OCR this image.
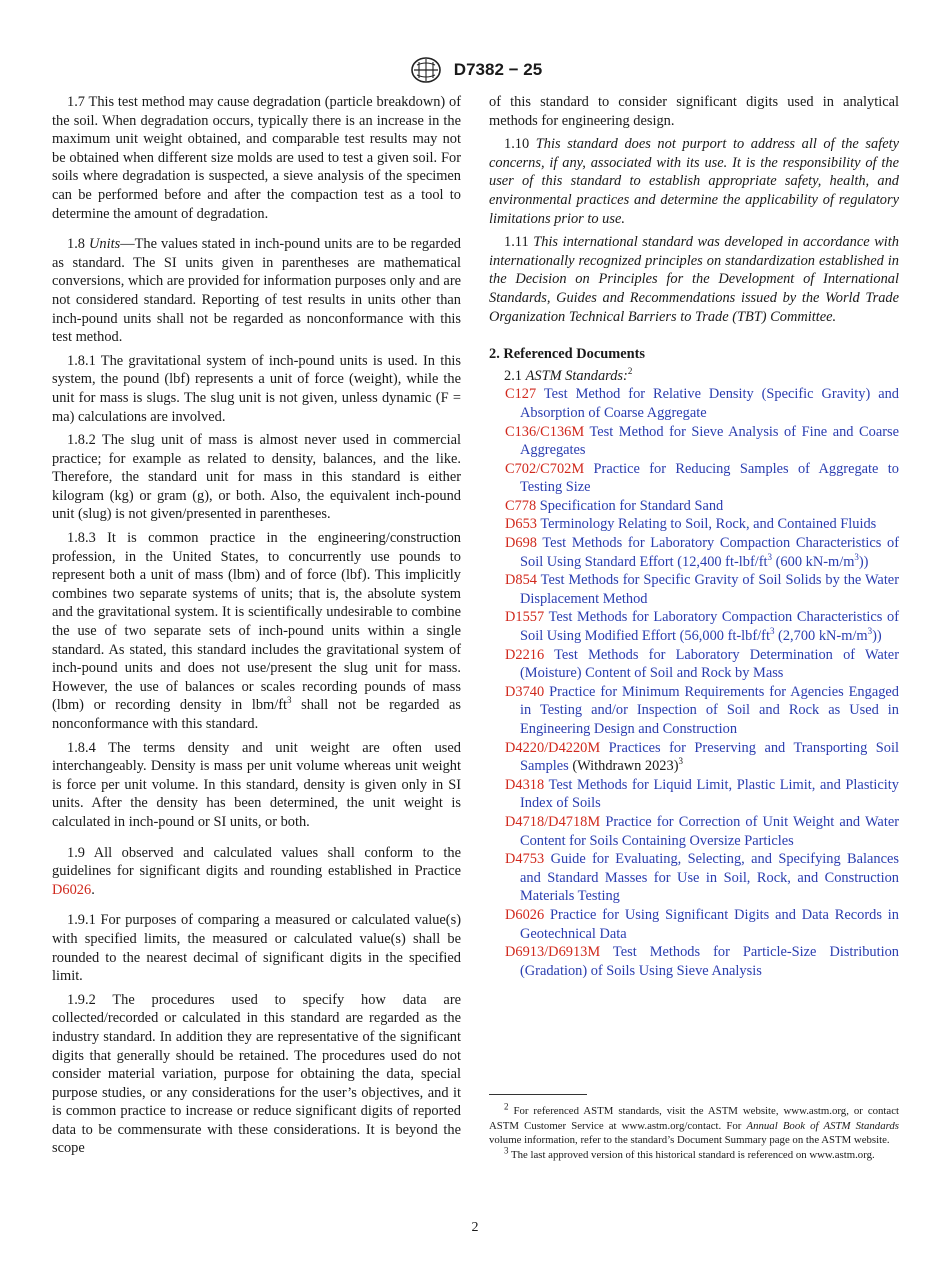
D7382 − 25

1.7 This test method may cause degradation (particle breakdown) of the soil. When degradation occurs, typically there is an increase in the maximum unit weight obtained, and comparable test results may not be obtained when different size molds are used to test a given soil. For soils where degradation is suspected, a sieve analysis of the specimen can be performed before and after the compaction test as a tool to determine the amount of degradation.

1.8 Units—The values stated in inch-pound units are to be regarded as standard. The SI units given in parentheses are mathematical conversions, which are provided for information purposes only and are not considered standard. Reporting of test results in units other than inch-pound units shall not be regarded as nonconformance with this test method.

1.8.1 The gravitational system of inch-pound units is used. In this system, the pound (lbf) represents a unit of force (weight), while the unit for mass is slugs. The slug unit is not given, unless dynamic (F = ma) calculations are involved.

1.8.2 The slug unit of mass is almost never used in commercial practice; for example as related to density, balances, and the like. Therefore, the standard unit for mass in this standard is either kilogram (kg) or gram (g), or both. Also, the equivalent inch-pound unit (slug) is not given/presented in parentheses.

1.8.3 It is common practice in the engineering/construction profession, in the United States, to concurrently use pounds to represent both a unit of mass (lbm) and of force (lbf). This implicitly combines two separate systems of units; that is, the absolute system and the gravitational system. It is scientifically undesirable to combine the use of two separate sets of inch-pound units within a single standard. As stated, this standard includes the gravitational system of inch-pound units and does not use/present the slug unit for mass. However, the use of balances or scales recording pounds of mass (lbm) or recording density in lbm/$ft^3$ shall not be regarded as nonconformance with this standard.

1.8.4 The terms density and unit weight are often used interchangeably. Density is mass per unit volume whereas unit weight is force per unit volume. In this standard, density is given only in SI units. After the density has been determined, the unit weight is calculated in inch-pound or SI units, or both.

1.9 All observed and calculated values shall conform to the guidelines for significant digits and rounding established in Practice D6026.

1.9.1 For purposes of comparing a measured or calculated value(s) with specified limits, the measured or calculated value(s) shall be rounded to the nearest decimal of significant digits in the specified limit.

1.9.2 The procedures used to specify how data are collected/recorded or calculated in this standard are regarded as the industry standard. In addition they are representative of the significant digits that generally should be retained. The procedures used do not consider material variation, purpose for obtaining the data, special purpose studies, or any considerations for the user’s objectives, and it is common practice to increase or reduce significant digits of reported data to be commensurate with these considerations. It is beyond the scope

of this standard to consider significant digits used in analytical methods for engineering design.

1.10 This standard does not purport to address all of the safety concerns, if any, associated with its use. It is the responsibility of the user of this standard to establish appropriate safety, health, and environmental practices and determine the applicability of regulatory limitations prior to use.

1.11 This international standard was developed in accordance with internationally recognized principles on standardization established in the Decision on Principles for the Development of International Standards, Guides and Recommendations issued by the World Trade Organization Technical Barriers to Trade (TBT) Committee.

2. Referenced Documents

2.1 ASTM Standards:$^2$

C127 Test Method for Relative Density (Specific Gravity) and Absorption of Coarse Aggregate

C136/C136M Test Method for Sieve Analysis of Fine and Coarse Aggregates

C702/C702M Practice for Reducing Samples of Aggregate to Testing Size

C778 Specification for Standard Sand

D653 Terminology Relating to Soil, Rock, and Contained Fluids

D698 Test Methods for Laboratory Compaction Characteristics of Soil Using Standard Effort (12,400 $ft-lbf/ft^3$ (600 $kN-m/m^3$))

D854 Test Methods for Specific Gravity of Soil Solids by the Water Displacement Method

D1557 Test Methods for Laboratory Compaction Characteristics of Soil Using Modified Effort (56,000 $ft-lbf/ft^3$ (2,700 $kN-m/m^3$))

D2216 Test Methods for Laboratory Determination of Water (Moisture) Content of Soil and Rock by Mass

D3740 Practice for Minimum Requirements for Agencies Engaged in Testing and/or Inspection of Soil and Rock as Used in Engineering Design and Construction

D4220/D4220M Practices for Preserving and Transporting Soil Samples (Withdrawn 2023)$^3$

D4318 Test Methods for Liquid Limit, Plastic Limit, and Plasticity Index of Soils

D4718/D4718M Practice for Correction of Unit Weight and Water Content for Soils Containing Oversize Particles

D4753 Guide for Evaluating, Selecting, and Specifying Balances and Standard Masses for Use in Soil, Rock, and Construction Materials Testing

D6026 Practice for Using Significant Digits and Data Records in Geotechnical Data

D6913/D6913M Test Methods for Particle-Size Distribution (Gradation) of Soils Using Sieve Analysis

$^2$ For referenced ASTM standards, visit the ASTM website, www.astm.org, or contact ASTM Customer Service at www.astm.org/contact. For Annual Book of ASTM Standards volume information, refer to the standard’s Document Summary page on the ASTM website.

$^3$ The last approved version of this historical standard is referenced on www.astm.org.

2
